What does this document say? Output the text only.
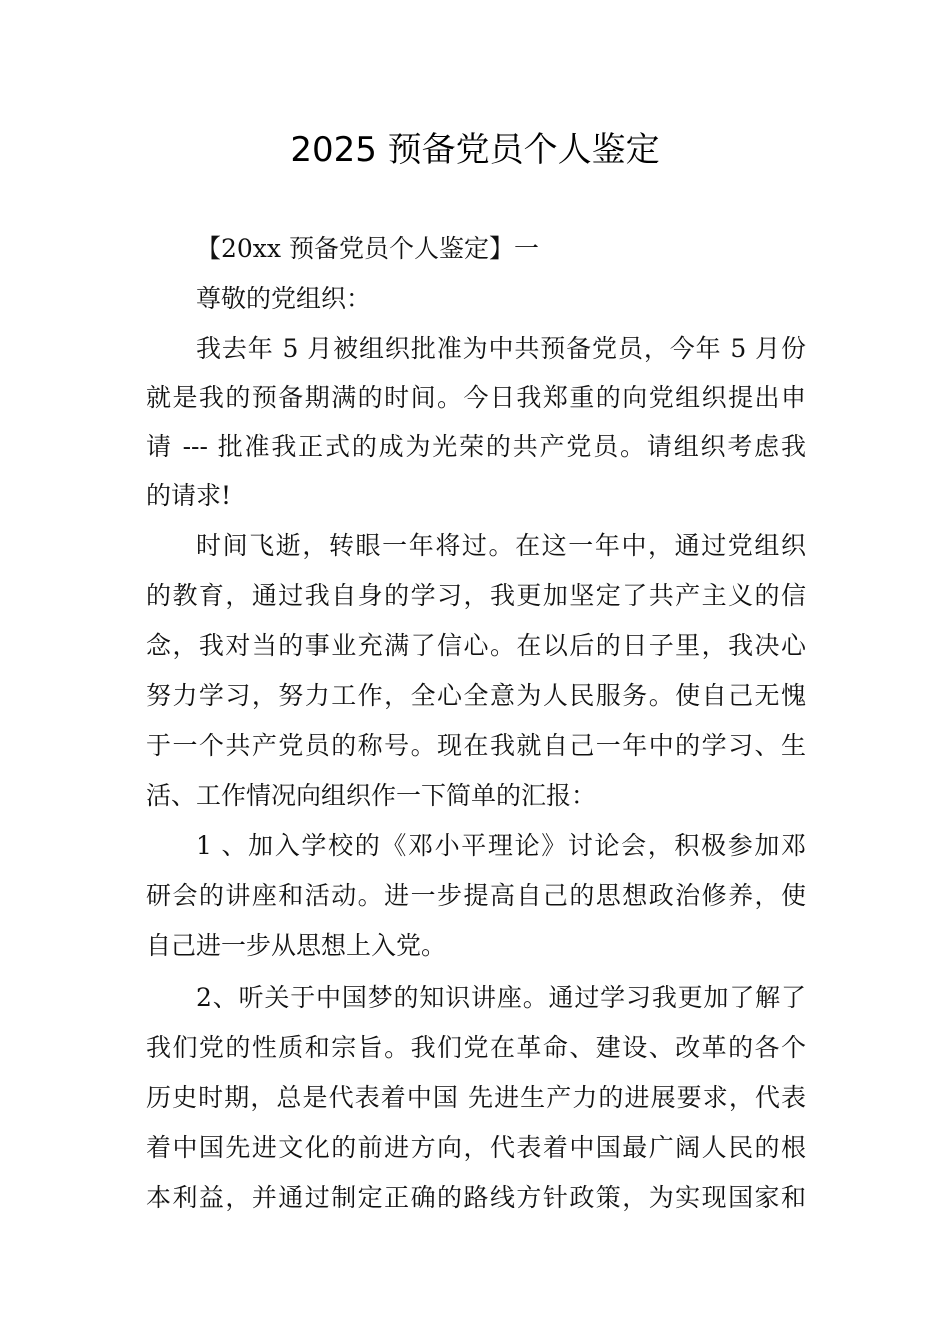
2025 预备党员个人鉴定
【20xx 预备党员个人鉴定】一
尊敬的党组织：
我去年 5 月被组织批准为中共预备党员，今年 5 月份
就是我的预备期满的时间。今日我郑重的向党组织提出申
请 --- 批准我正式的成为光荣的共产党员。请组织考虑我
的请求!
时间飞逝，转眼一年将过。在这一年中，通过党组织
的教育，通过我自身的学习，我更加坚定了共产主义的信
念，我对当的事业充满了信心。在以后的日子里，我决心
努力学习，努力工作，全心全意为人民服务。使自己无愧
于一个共产党员的称号。现在我就自己一年中的学习、生
活、工作情况向组织作一下简单的汇报：
1 、加入学校的《邓小平理论》讨论会，积极参加邓
研会的讲座和活动。进一步提高自己的思想政治修养，使
自己进一步从思想上入党。
2、听关于中国梦的知识讲座。通过学习我更加了解了
我们党的性质和宗旨。我们党在革命、建设、改革的各个
历史时期，总是代表着中国 先进生产力的进展要求，代表
着中国先进文化的前进方向，代表着中国最广阔人民的根
本利益，并通过制定正确的路线方针政策，为实现国家和
